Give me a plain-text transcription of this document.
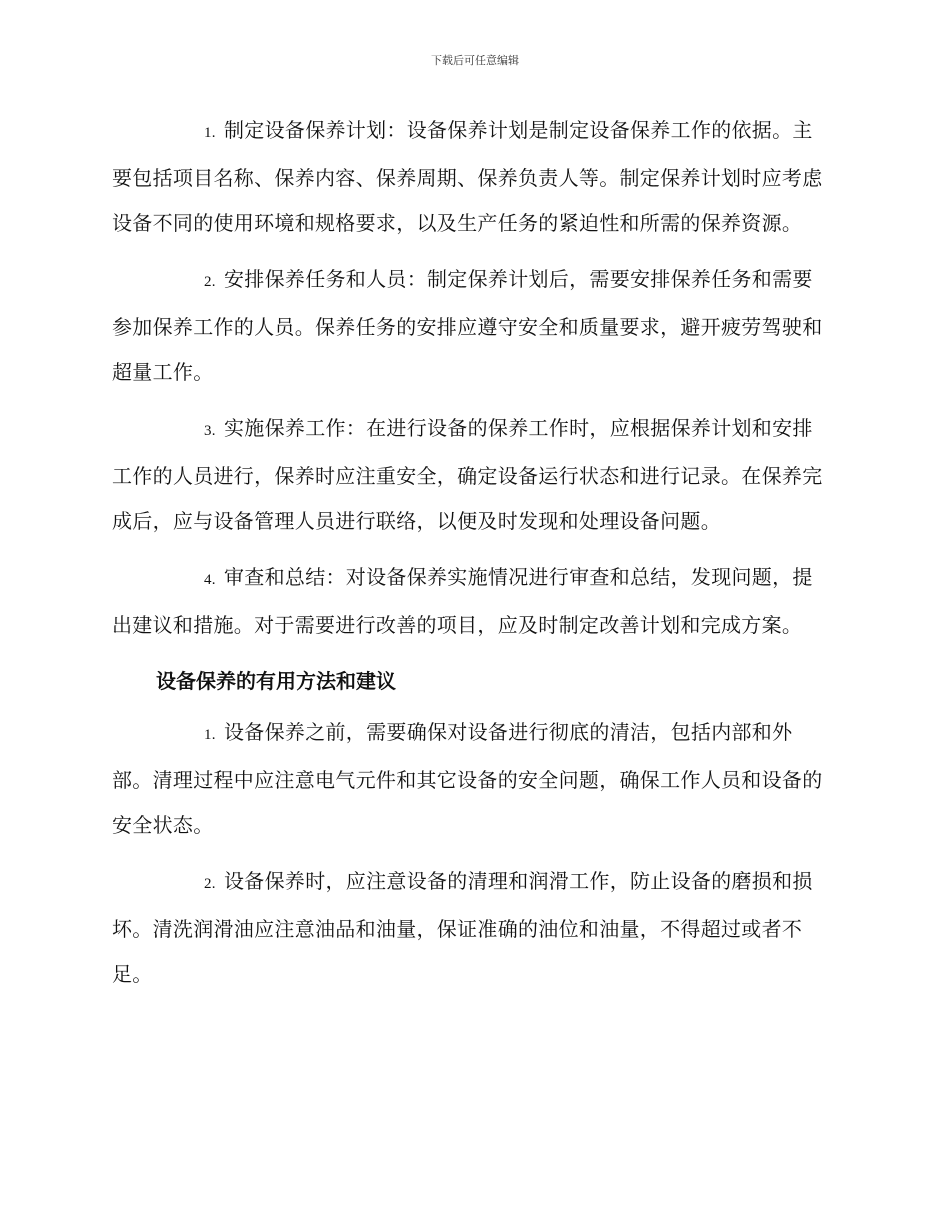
下载后可任意编辑

1. 制定设备保养计划：设备保养计划是制定设备保养工作的依据。主要包括项目名称、保养内容、保养周期、保养负责人等。制定保养计划时应考虑设备不同的使用环境和规格要求，以及生产任务的紧迫性和所需的保养资源。

2. 安排保养任务和人员：制定保养计划后，需要安排保养任务和需要参加保养工作的人员。保养任务的安排应遵守安全和质量要求，避开疲劳驾驶和超量工作。

3. 实施保养工作：在进行设备的保养工作时，应根据保养计划和安排工作的人员进行，保养时应注重安全，确定设备运行状态和进行记录。在保养完成后，应与设备管理人员进行联络，以便及时发现和处理设备问题。

4. 审查和总结：对设备保养实施情况进行审查和总结，发现问题，提出建议和措施。对于需要进行改善的项目，应及时制定改善计划和完成方案。

设备保养的有用方法和建议

1. 设备保养之前，需要确保对设备进行彻底的清洁，包括内部和外部。清理过程中应注意电气元件和其它设备的安全问题，确保工作人员和设备的安全状态。

2. 设备保养时，应注意设备的清理和润滑工作，防止设备的磨损和损坏。清洗润滑油应注意油品和油量，保证准确的油位和油量，不得超过或者不足。
